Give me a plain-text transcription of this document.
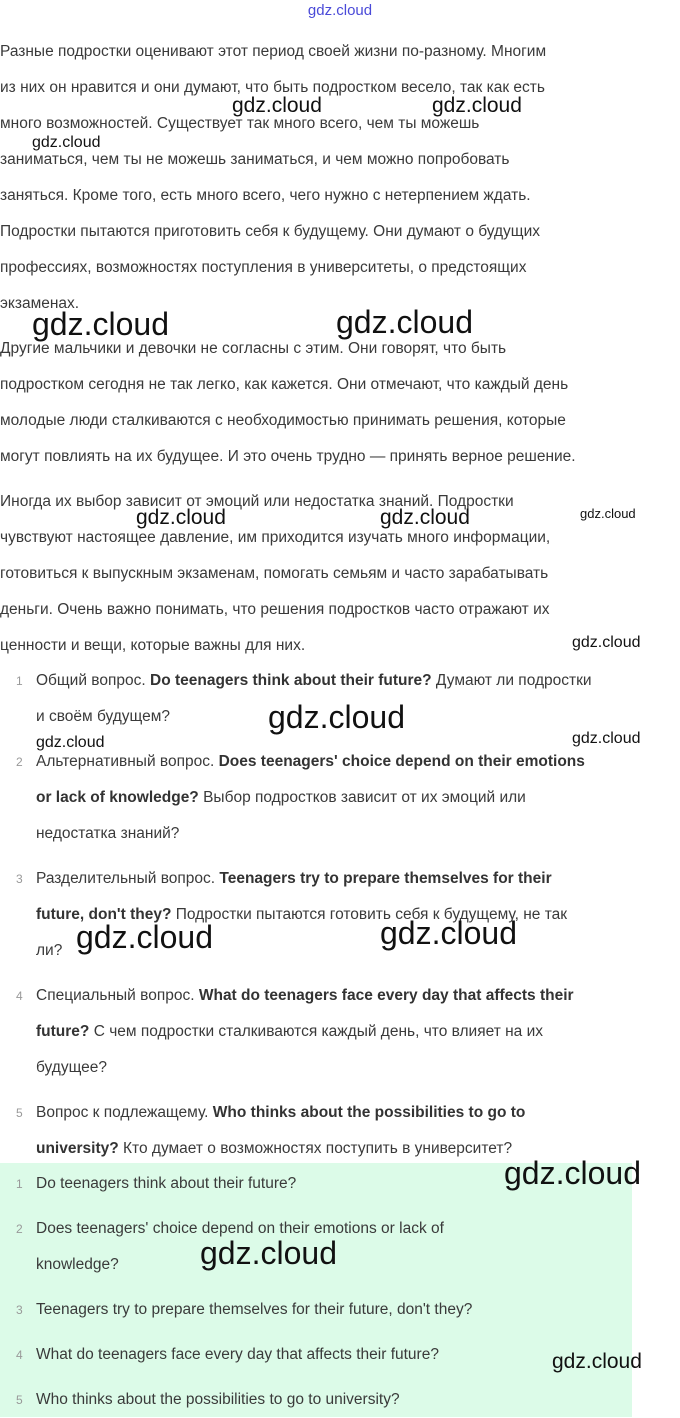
gdz.cloud

Разные подростки оценивают этот период своей жизни по-разному. Многим
из них он нравится и они думают, что быть подростком весело, так как есть
много возможностей. Существует так много всего, чем ты можешь
заниматься, чем ты не можешь заниматься, и чем можно попробовать
заняться. Кроме того, есть много всего, чего нужно с нетерпением ждать.
Подростки пытаются приготовить себя к будущему. Они думают о будущих
профессиях, возможностях поступления в университеты, о предстоящих
экзаменах.

Другие мальчики и девочки не согласны с этим. Они говорят, что быть
подростком сегодня не так легко, как кажется. Они отмечают, что каждый день
молодые люди сталкиваются с необходимостью принимать решения, которые
могут повлиять на их будущее. И это очень трудно — принять верное решение.

Иногда их выбор зависит от эмоций или недостатка знаний. Подростки
чувствуют настоящее давление, им приходится изучать много информации,
готовиться к выпускным экзаменам, помогать семьям и часто зарабатывать
деньги. Очень важно понимать, что решения подростков часто отражают их
ценности и вещи, которые важны для них.

1 Общий вопрос. Do teenagers think about their future? Думают ли подростки
и своём будущем?
2 Альтернативный вопрос. Does teenagers' choice depend on their emotions
or lack of knowledge? Выбор подростков зависит от их эмоций или
недостатка знаний?
3 Разделительный вопрос. Teenagers try to prepare themselves for their
future, don't they? Подростки пытаются готовить себя к будущему, не так
ли?
4 Специальный вопрос. What do teenagers face every day that affects their
future? С чем подростки сталкиваются каждый день, что влияет на их
будущее?
5 Вопрос к подлежащему. Who thinks about the possibilities to go to
university? Кто думает о возможностях поступить в университет?
1 Do teenagers think about their future?
2 Does teenagers' choice depend on their emotions or lack of
knowledge?
3 Teenagers try to prepare themselves for their future, don't they?
4 What do teenagers face every day that affects their future?
5 Who thinks about the possibilities to go to university?
gdz.cloud	gdz.cloud
gdz.cloud
gdz.cloud	gdz.cloud
gdz.cloud	gdz.cloud	gdz.cloud
gdz.cloud
gdz.cloud
gdz.cloud	gdz.cloud
gdz.cloud	gdz.cloud
gdz.cloud
gdz.cloud
gdz.cloud
